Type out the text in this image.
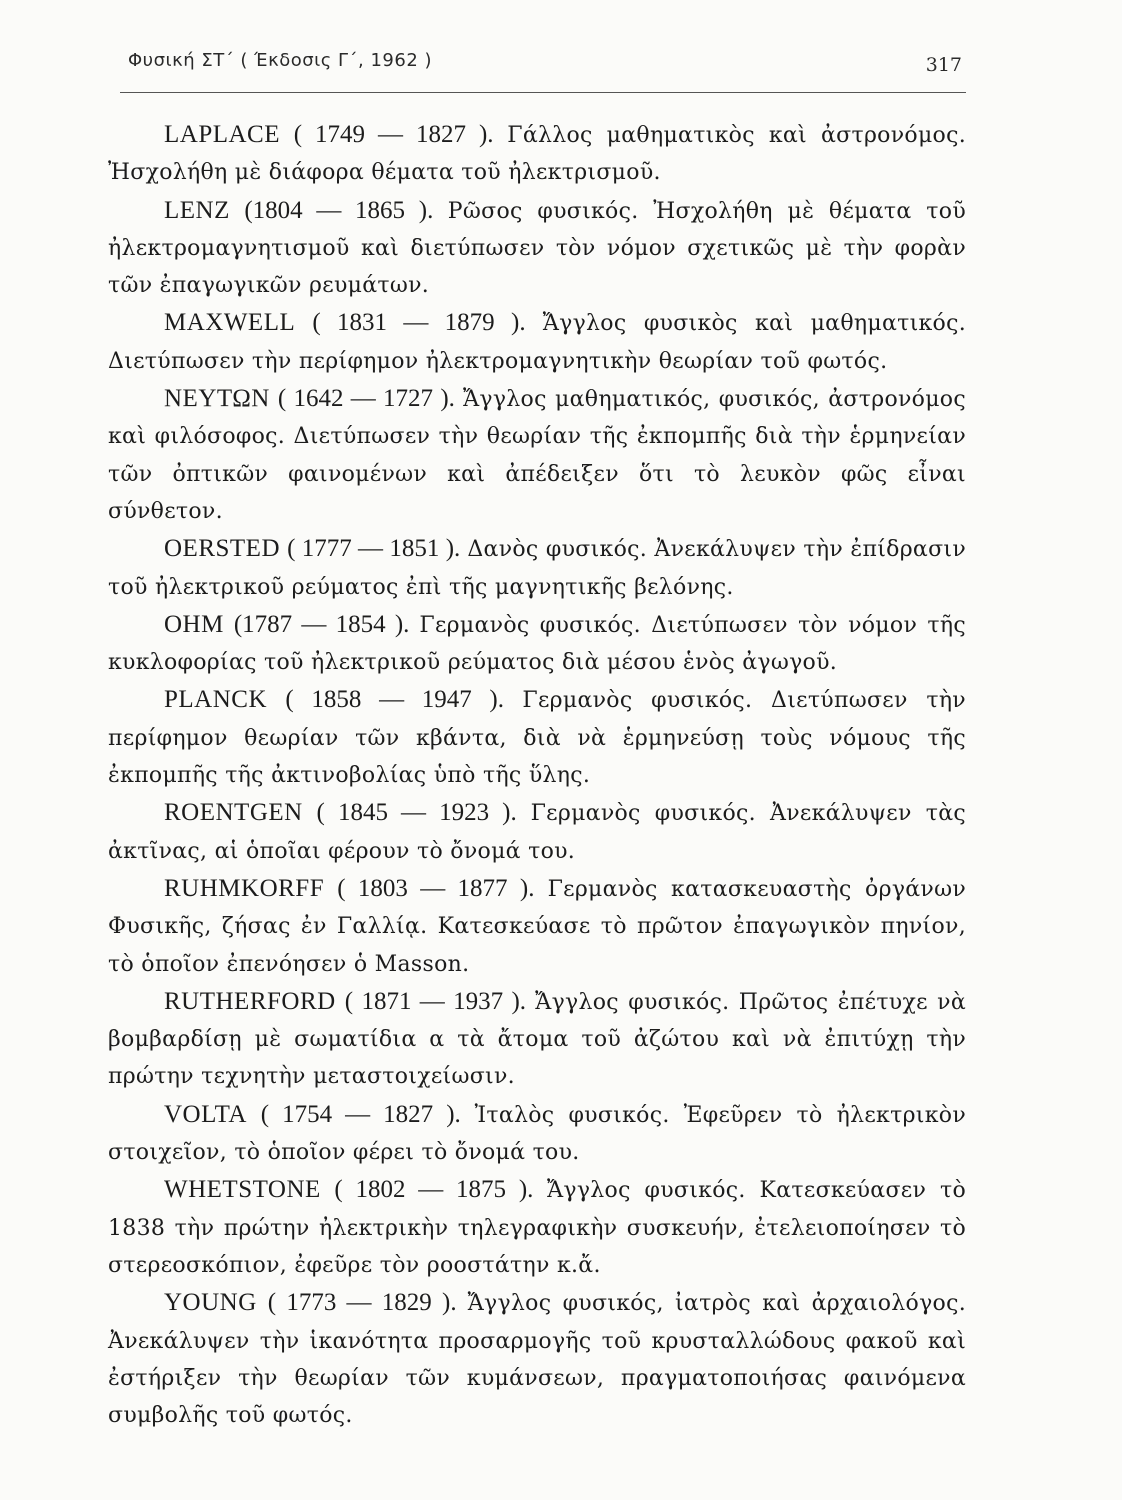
Φυσική ΣΤ΄ ( Έκδοσις Γ΄, 1962 )	317

LAPLACE ( 1749 — 1827 ). Γάλλος μαθηματικὸς καὶ ἀστρονόμος. Ἠσχολήθη μὲ διάφορα θέματα τοῦ ἠλεκτρισμοῦ.

LENZ (1804 — 1865 ). Ρῶσος φυσικός. Ἠσχολήθη μὲ θέματα τοῦ ἠλεκτρομαγνητισμοῦ καὶ διετύπωσεν τὸν νόμον σχετικῶς μὲ τὴν φορὰν τῶν ἐπαγωγικῶν ρευμάτων.

MAXWELL ( 1831 — 1879 ). Ἄγγλος φυσικὸς καὶ μαθηματικός. Διετύπωσεν τὴν περίφημον ἠλεκτρομαγνητικὴν θεωρίαν τοῦ φωτός.

ΝΕΥΤΩΝ ( 1642 — 1727 ). Ἄγγλος μαθηματικός, φυσικός, ἀστρονόμος καὶ φιλόσοφος. Διετύπωσεν τὴν θεωρίαν τῆς ἐκπομπῆς διὰ τὴν ἑρμηνείαν τῶν ὀπτικῶν φαινομένων καὶ ἀπέδειξεν ὅτι τὸ λευκὸν φῶς εἶναι σύνθετον.

OERSTED ( 1777 — 1851 ). Δανὸς φυσικός. Ἀνεκάλυψεν τὴν ἐπίδρασιν τοῦ ἠλεκτρικοῦ ρεύματος ἐπὶ τῆς μαγνητικῆς βελόνης.

OHM (1787 — 1854 ). Γερμανὸς φυσικός. Διετύπωσεν τὸν νόμον τῆς κυκλοφορίας τοῦ ἠλεκτρικοῦ ρεύματος διὰ μέσου ἑνὸς ἀγωγοῦ.

PLANCK ( 1858 — 1947 ). Γερμανὸς φυσικός. Διετύπωσεν τὴν περίφημον θεωρίαν τῶν κβάντα, διὰ νὰ ἑρμηνεύσῃ τοὺς νόμους τῆς ἐκπομπῆς τῆς ἀκτινοβολίας ὑπὸ τῆς ὕλης.

ROENTGEN ( 1845 — 1923 ). Γερμανὸς φυσικός. Ἀνεκάλυψεν τὰς ἀκτῖνας, αἱ ὁποῖαι φέρουν τὸ ὄνομά του.

RUHMKORFF ( 1803 — 1877 ). Γερμανὸς κατασκευαστὴς ὀργάνων Φυσικῆς, ζήσας ἐν Γαλλίᾳ. Κατεσκεύασε τὸ πρῶτον ἐπαγωγικὸν πηνίον, τὸ ὁποῖον ἐπενόησεν ὁ Masson.

RUTHERFORD ( 1871 — 1937 ). Ἄγγλος φυσικός. Πρῶτος ἐπέτυχε νὰ βομβαρδίσῃ μὲ σωματίδια α τὰ ἄτομα τοῦ ἀζώτου καὶ νὰ ἐπιτύχῃ τὴν πρώτην τεχνητὴν μεταστοιχείωσιν.

VOLTA ( 1754 — 1827 ). Ἰταλὸς φυσικός. Ἐφεῦρεν τὸ ἠλεκτρικὸν στοιχεῖον, τὸ ὁποῖον φέρει τὸ ὄνομά του.

WHETSTONE ( 1802 — 1875 ). Ἄγγλος φυσικός. Κατεσκεύασεν τὸ 1838 τὴν πρώτην ἠλεκτρικὴν τηλεγραφικὴν συσκευήν, ἐτελειοποίησεν τὸ στερεοσκόπιον, ἐφεῦρε τὸν ροοστάτην κ.ἄ.

YOUNG ( 1773 — 1829 ). Ἄγγλος φυσικός, ἰατρὸς καὶ ἀρχαιολόγος. Ἀνεκάλυψεν τὴν ἱκανότητα προσαρμογῆς τοῦ κρυσταλλώδους φακοῦ καὶ ἐστήριξεν τὴν θεωρίαν τῶν κυμάνσεων, πραγματοποιήσας φαινόμενα συμβολῆς τοῦ φωτός.
